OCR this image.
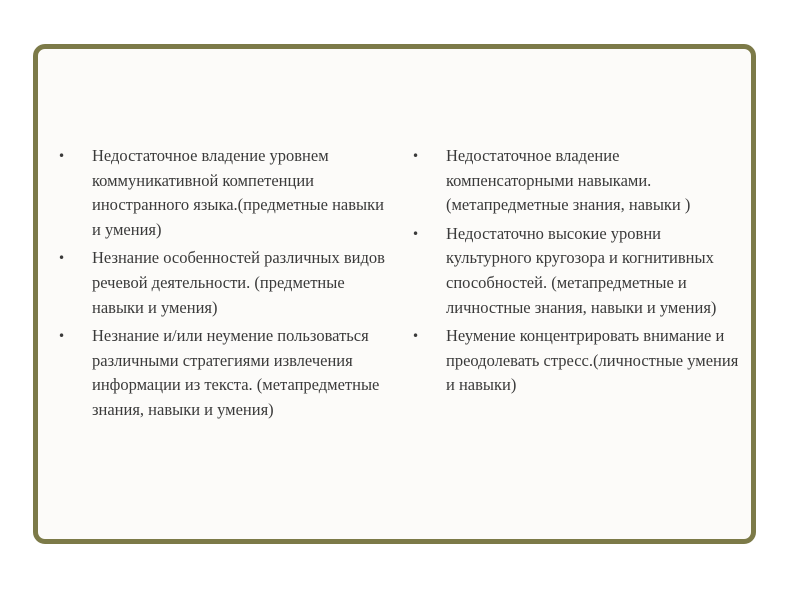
• Недостаточное владение уровнем коммуникативной компетенции иностранного языка.(предметные навыки и умения)
• Незнание особенностей различных видов речевой деятельности. (предметные навыки и умения)
• Незнание и/или неумение пользоваться различными стратегиями извлечения информации из текста. (метапредметные знания, навыки и умения)
• Недостаточное владение компенсаторными навыками. (метапредметные знания, навыки )
• Недостаточно высокие уровни культурного кругозора и когнитивных способностей. (метапредметные и личностные знания, навыки и умения)
• Неумение концентрировать внимание и преодолевать стресс.(личностные умения и навыки)
